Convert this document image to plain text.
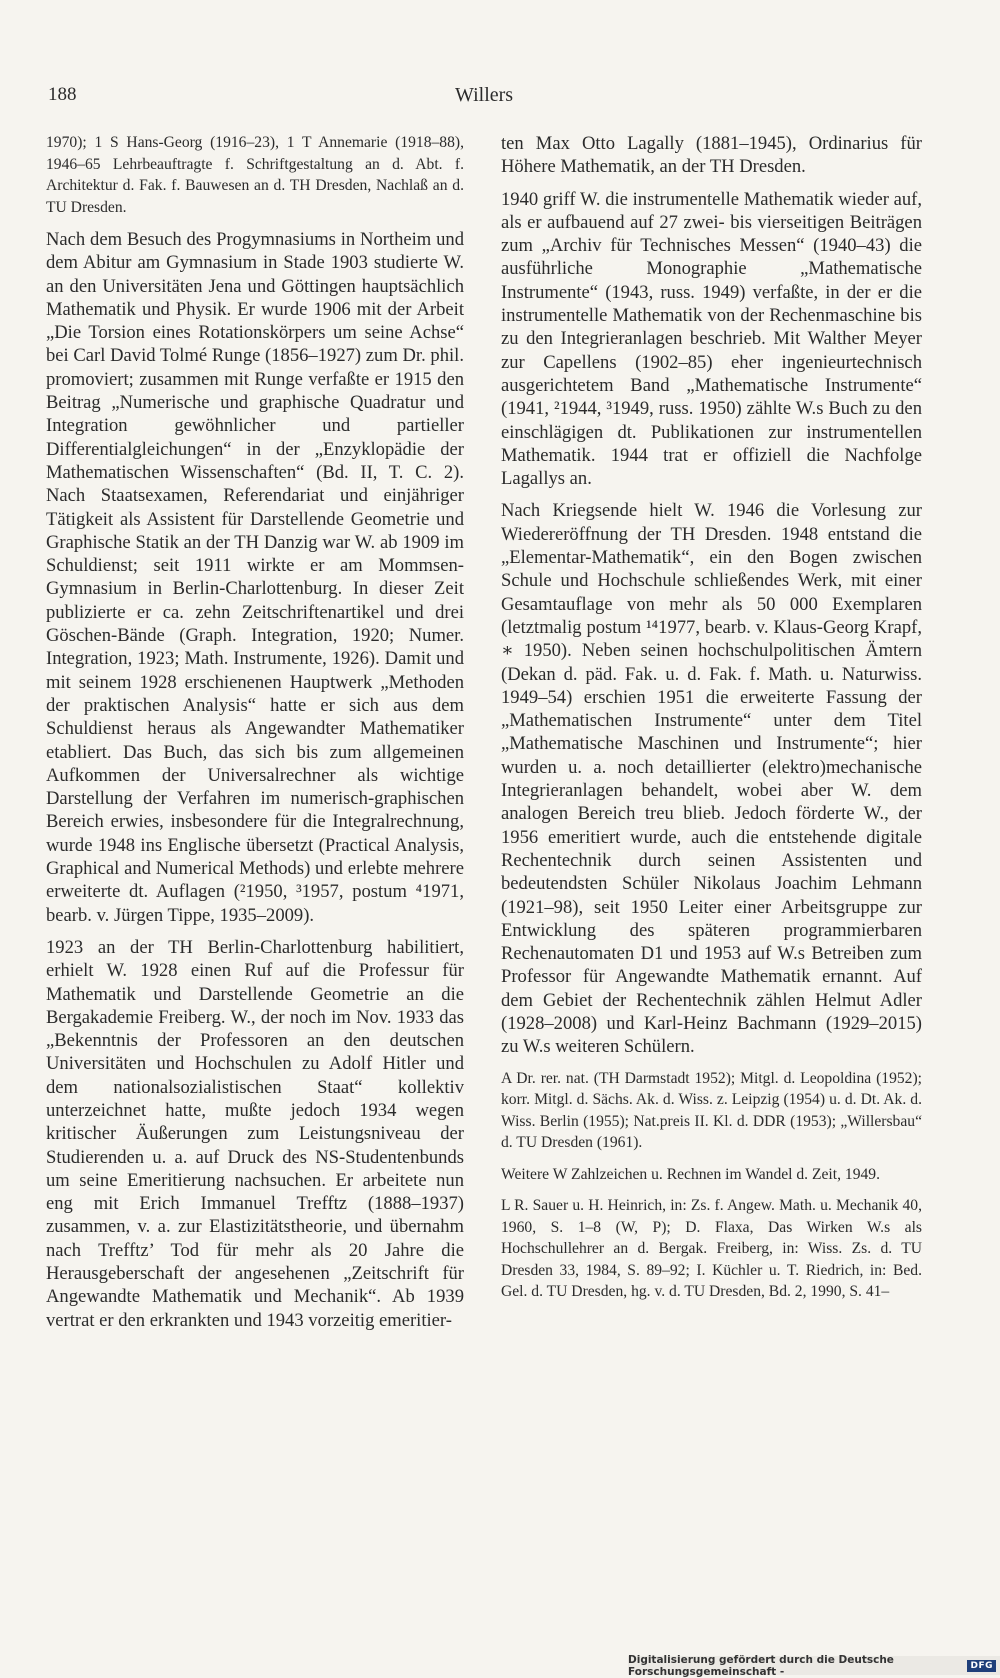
188	Willers

1970); 1 S Hans-Georg (1916–23), 1 T Annemarie (1918–88), 1946–65 Lehrbeauftragte f. Schriftgestaltung an d. Abt. f. Architektur d. Fak. f. Bauwesen an d. TH Dresden, Nachlaß an d. TU Dresden.

Nach dem Besuch des Progymnasiums in Northeim und dem Abitur am Gymnasium in Stade 1903 studierte W. an den Universitäten Jena und Göttingen hauptsächlich Mathematik und Physik. Er wurde 1906 mit der Arbeit „Die Torsion eines Rotationskörpers um seine Achse“ bei Carl David Tolmé Runge (1856–1927) zum Dr. phil. promoviert; zusammen mit Runge verfaßte er 1915 den Beitrag „Numerische und graphische Quadratur und Integration gewöhnlicher und partieller Differentialgleichungen“ in der „Enzyklopädie der Mathematischen Wissenschaften“ (Bd. II, T. C. 2). Nach Staatsexamen, Referendariat und einjähriger Tätigkeit als Assistent für Darstellende Geometrie und Graphische Statik an der TH Danzig war W. ab 1909 im Schuldienst; seit 1911 wirkte er am Mommsen-Gymnasium in Berlin-Charlottenburg. In dieser Zeit publizierte er ca. zehn Zeitschriftenartikel und drei Göschen-Bände (Graph. Integration, 1920; Numer. Integration, 1923; Math. Instrumente, 1926). Damit und mit seinem 1928 erschienenen Hauptwerk „Methoden der praktischen Analysis“ hatte er sich aus dem Schuldienst heraus als Angewandter Mathematiker etabliert. Das Buch, das sich bis zum allgemeinen Aufkommen der Universalrechner als wichtige Darstellung der Verfahren im numerisch-graphischen Bereich erwies, insbesondere für die Integralrechnung, wurde 1948 ins Englische übersetzt (Practical Analysis, Graphical and Numerical Methods) und erlebte mehrere erweiterte dt. Auflagen (²1950, ³1957, postum ⁴1971, bearb. v. Jürgen Tippe, 1935–2009).

1923 an der TH Berlin-Charlottenburg habilitiert, erhielt W. 1928 einen Ruf auf die Professur für Mathematik und Darstellende Geometrie an die Bergakademie Freiberg. W., der noch im Nov. 1933 das „Bekenntnis der Professoren an den deutschen Universitäten und Hochschulen zu Adolf Hitler und dem nationalsozialistischen Staat“ kollektiv unterzeichnet hatte, mußte jedoch 1934 wegen kritischer Äußerungen zum Leistungsniveau der Studierenden u. a. auf Druck des NS-Studentenbunds um seine Emeritierung nachsuchen. Er arbeitete nun eng mit Erich Immanuel Trefftz (1888–1937) zusammen, v. a. zur Elastizitätstheorie, und übernahm nach Trefftz’ Tod für mehr als 20 Jahre die Herausgeberschaft der angesehenen „Zeitschrift für Angewandte Mathematik und Mechanik“. Ab 1939 vertrat er den erkrankten und 1943 vorzeitig emeritier-

ten Max Otto Lagally (1881–1945), Ordinarius für Höhere Mathematik, an der TH Dresden.

1940 griff W. die instrumentelle Mathematik wieder auf, als er aufbauend auf 27 zwei- bis vierseitigen Beiträgen zum „Archiv für Technisches Messen“ (1940–43) die ausführliche Monographie „Mathematische Instrumente“ (1943, russ. 1949) verfaßte, in der er die instrumentelle Mathematik von der Rechenmaschine bis zu den Integrieranlagen beschrieb. Mit Walther Meyer zur Capellens (1902–85) eher ingenieurtechnisch ausgerichtetem Band „Mathematische Instrumente“ (1941, ²1944, ³1949, russ. 1950) zählte W.s Buch zu den einschlägigen dt. Publikationen zur instrumentellen Mathematik. 1944 trat er offiziell die Nachfolge Lagallys an.

Nach Kriegsende hielt W. 1946 die Vorlesung zur Wiedereröffnung der TH Dresden. 1948 entstand die „Elementar-Mathematik“, ein den Bogen zwischen Schule und Hochschule schließendes Werk, mit einer Gesamtauflage von mehr als 50 000 Exemplaren (letztmalig postum ¹⁴1977, bearb. v. Klaus-Georg Krapf, ∗ 1950). Neben seinen hochschulpolitischen Ämtern (Dekan d. päd. Fak. u. d. Fak. f. Math. u. Naturwiss. 1949–54) erschien 1951 die erweiterte Fassung der „Mathematischen Instrumente“ unter dem Titel „Mathematische Maschinen und Instrumente“; hier wurden u. a. noch detaillierter (elektro)mechanische Integrieranlagen behandelt, wobei aber W. dem analogen Bereich treu blieb. Jedoch förderte W., der 1956 emeritiert wurde, auch die entstehende digitale Rechentechnik durch seinen Assistenten und bedeutendsten Schüler Nikolaus Joachim Lehmann (1921–98), seit 1950 Leiter einer Arbeitsgruppe zur Entwicklung des späteren programmierbaren Rechenautomaten D1 und 1953 auf W.s Betreiben zum Professor für Angewandte Mathematik ernannt. Auf dem Gebiet der Rechentechnik zählen Helmut Adler (1928–2008) und Karl-Heinz Bachmann (1929–2015) zu W.s weiteren Schülern.

A Dr. rer. nat. (TH Darmstadt 1952); Mitgl. d. Leopoldina (1952); korr. Mitgl. d. Sächs. Ak. d. Wiss. z. Leipzig (1954) u. d. Dt. Ak. d. Wiss. Berlin (1955); Nat.preis II. Kl. d. DDR (1953); „Willersbau“ d. TU Dresden (1961).

Weitere W Zahlzeichen u. Rechnen im Wandel d. Zeit, 1949.

L R. Sauer u. H. Heinrich, in: Zs. f. Angew. Math. u. Mechanik 40, 1960, S. 1–8 (W, P); D. Flaxa, Das Wirken W.s als Hochschullehrer an d. Bergak. Freiberg, in: Wiss. Zs. d. TU Dresden 33, 1984, S. 89–92; I. Küchler u. T. Riedrich, in: Bed. Gel. d. TU Dresden, hg. v. d. TU Dresden, Bd. 2, 1990, S. 41–

Digitalisierung gefördert durch die Deutsche Forschungsgemeinschaft -	DFG
